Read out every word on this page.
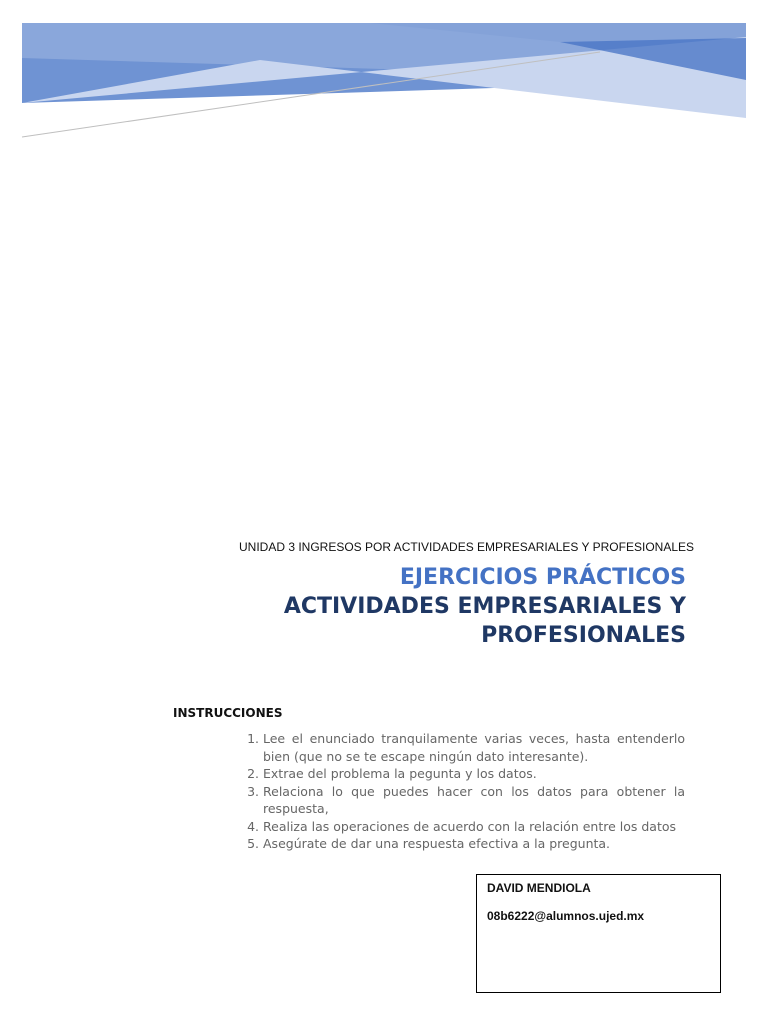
UNIDAD 3 INGRESOS POR ACTIVIDADES EMPRESARIALES Y PROFESIONALES
EJERCICIOS PRÁCTICOS
ACTIVIDADES EMPRESARIALES Y
PROFESIONALES
INSTRUCCIONES
1. Lee el enunciado tranquilamente varias veces, hasta entenderlo bien (que no se te escape ningún dato interesante).
2. Extrae del problema la pegunta y los datos.
3. Relaciona lo que puedes hacer con los datos para obtener la respuesta,
4. Realiza las operaciones de acuerdo con la relación entre los datos
5. Asegúrate de dar una respuesta efectiva a la pregunta.
DAVID MENDIOLA
08b6222@alumnos.ujed.mx
